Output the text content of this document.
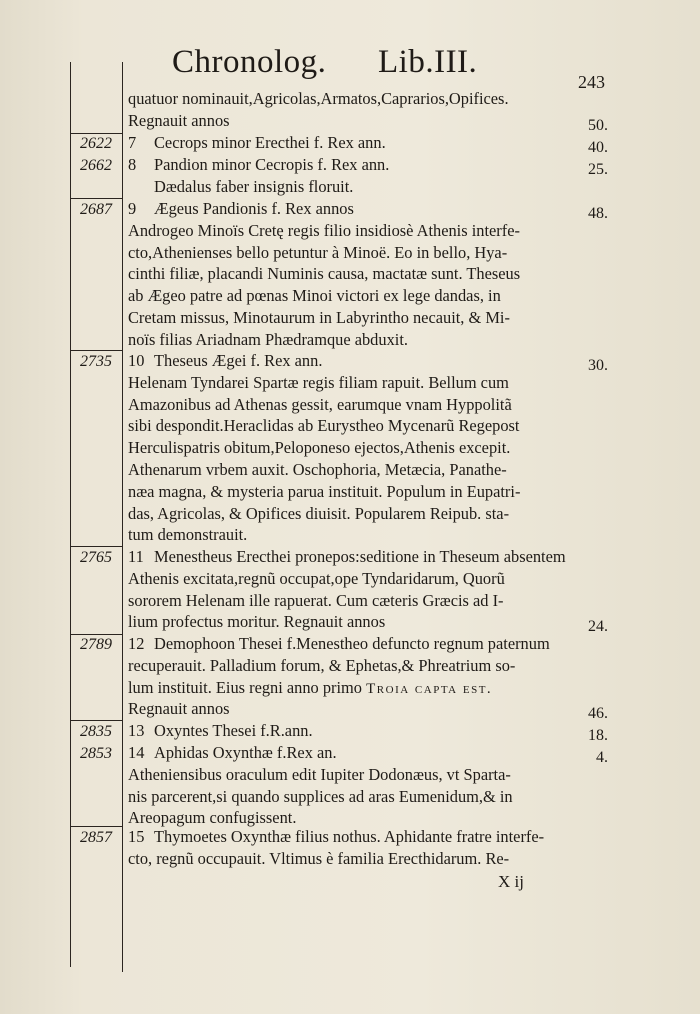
Chronolog. Lib.III.
243
quatuor nominauit,Agricolas,Armatos,Caprarios,Opifices.
Regnauit annos	50.
2622 7 Cecrops minor Erecthei f. Rex ann.	40.
2662 8 Pandion minor Cecropis f. Rex ann.	25.
Dædalus faber insignis floruit.
2687 9 Ægeus Pandionis f. Rex annos	48.
Androgeo Minoïs Cretę regis filio insidiosè Athenis interfe-
cto,Athenienses bello petuntur à Minoë. Eo in bello, Hya-
cinthi filiæ, placandi Numinis causa, mactatæ sunt. Theseus
ab Ægeo patre ad pœnas Minoi victori ex lege dandas, in
Cretam missus, Minotaurum in Labyrintho necauit, & Mi-
noïs filias Ariadnam Phædramque abduxit.
2735 10 Theseus Ægei f. Rex ann.	30.
Helenam Tyndarei Spartæ regis filiam rapuit. Bellum cum
Amazonibus ad Athenas gessit, earumque vnam Hyppolitã
sibi despondit.Heraclidas ab Eurystheo Mycenarũ Regepost
Herculispatris obitum,Peloponeso ejectos,Athenis excepit.
Athenarum vrbem auxit. Oschophoria, Metæcia, Panathe-
næa magna, & mysteria parua instituit. Populum in Eupatri-
das, Agricolas, & Opifices diuisit. Popularem Reipub. sta-
tum demonstrauit.
2765 11 Menestheus Erecthei pronepos:seditione in Theseum absentem
Athenis excitata,regnũ occupat,ope Tyndaridarum, Quorũ
sororem Helenam ille rapuerat. Cum cæteris Græcis ad I-
lium profectus moritur. Regnauit annos	24.
2789 12 Demophoon Thesei f.Menestheo defuncto regnum paternum
recuperauit. Palladium forum, & Ephetas,& Phreatrium so-
lum instituit. Eius regni anno primo Troia capta est.
Regnauit annos	46.
2835 13 Oxyntes Thesei f.R.ann.	18.
2853 14 Aphidas Oxynthæ f.Rex an.	4.
Atheniensibus oraculum edit Iupiter Dodonæus, vt Sparta-
nis parcerent,si quando supplices ad aras Eumenidum,& in
Areopagum confugissent.
2857 15 Thymoetes Oxynthæ filius nothus. Aphidante fratre interfe-
cto, regnũ occupauit. Vltimus è familia Erecthidarum. Re-
X ij
